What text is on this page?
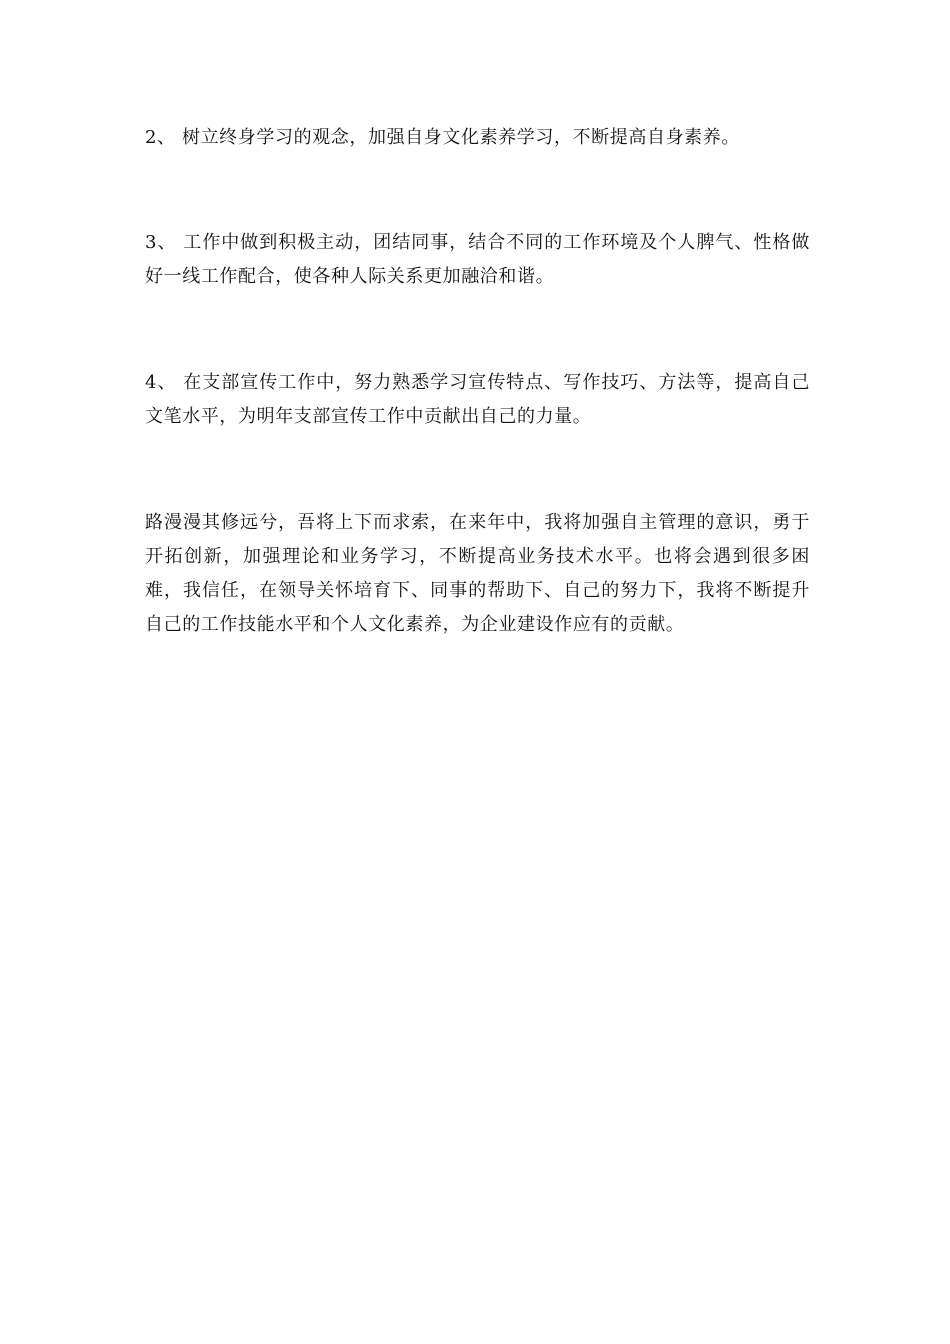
2、 树立终身学习的观念，加强自身文化素养学习，不断提高自身素养。

3、 工作中做到积极主动，团结同事，结合不同的工作环境及个人脾气、性格做好一线工作配合，使各种人际关系更加融洽和谐。

4、 在支部宣传工作中，努力熟悉学习宣传特点、写作技巧、方法等，提高自己文笔水平，为明年支部宣传工作中贡献出自己的力量。

路漫漫其修远兮，吾将上下而求索，在来年中，我将加强自主管理的意识，勇于开拓创新，加强理论和业务学习，不断提高业务技术水平。也将会遇到很多困难，我信任，在领导关怀培育下、同事的帮助下、自己的努力下，我将不断提升自己的工作技能水平和个人文化素养，为企业建设作应有的贡献。
